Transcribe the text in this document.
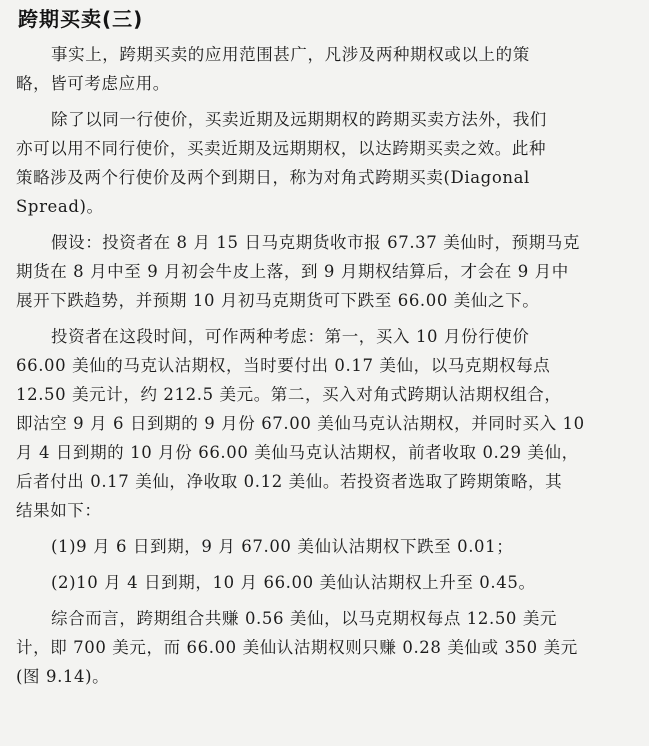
跨期买卖(三)

事实上，跨期买卖的应用范围甚广，凡涉及两种期权或以上的策
略，皆可考虑应用。

除了以同一行使价，买卖近期及远期期权的跨期买卖方法外，我们
亦可以用不同行使价，买卖近期及远期期权，以达跨期买卖之效。此种
策略涉及两个行使价及两个到期日，称为对角式跨期买卖(Diagonal
Spread)。

假设：投资者在 8 月 15 日马克期货收市报 67.37 美仙时，预期马克
期货在 8 月中至 9 月初会牛皮上落，到 9 月期权结算后，才会在 9 月中
展开下跌趋势，并预期 10 月初马克期货可下跌至 66.00 美仙之下。

投资者在这段时间，可作两种考虑：第一，买入 10 月份行使价
66.00 美仙的马克认沽期权，当时要付出 0.17 美仙，以马克期权每点
12.50 美元计，约 212.5 美元。第二，买入对角式跨期认沽期权组合，
即沽空 9 月 6 日到期的 9 月份 67.00 美仙马克认沽期权，并同时买入 10
月 4 日到期的 10 月份 66.00 美仙马克认沽期权，前者收取 0.29 美仙，
后者付出 0.17 美仙，净收取 0.12 美仙。若投资者选取了跨期策略，其
结果如下：

(1)9 月 6 日到期，9 月 67.00 美仙认沽期权下跌至 0.01；

(2)10 月 4 日到期，10 月 66.00 美仙认沽期权上升至 0.45。

综合而言，跨期组合共赚 0.56 美仙，以马克期权每点 12.50 美元
计，即 700 美元，而 66.00 美仙认沽期权则只赚 0.28 美仙或 350 美元
(图 9.14)。
